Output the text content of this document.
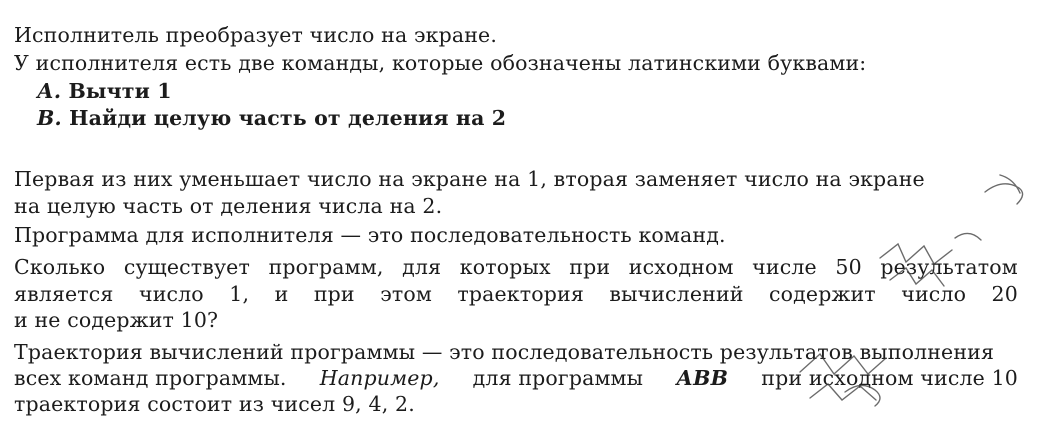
Исполнитель преобразует число на экране.
У исполнителя есть две команды, которые обозначены латинскими буквами:
А. Вычти 1
В. Найди целую часть от деления на 2
Первая из них уменьшает число на экране на 1, вторая заменяет число на экране
на целую часть от деления числа на 2.
Программа для исполнителя — это последовательность команд.
Сколько существует программ, для которых при исходном числе 50 результатом
является число 1, и при этом траектория вычислений содержит число 20
и не содержит 10?
Траектория вычислений программы — это последовательность результатов выполнения
всех команд программы. Например, для программы АВВ при исходном числе 10
траектория состоит из чисел 9, 4, 2.
